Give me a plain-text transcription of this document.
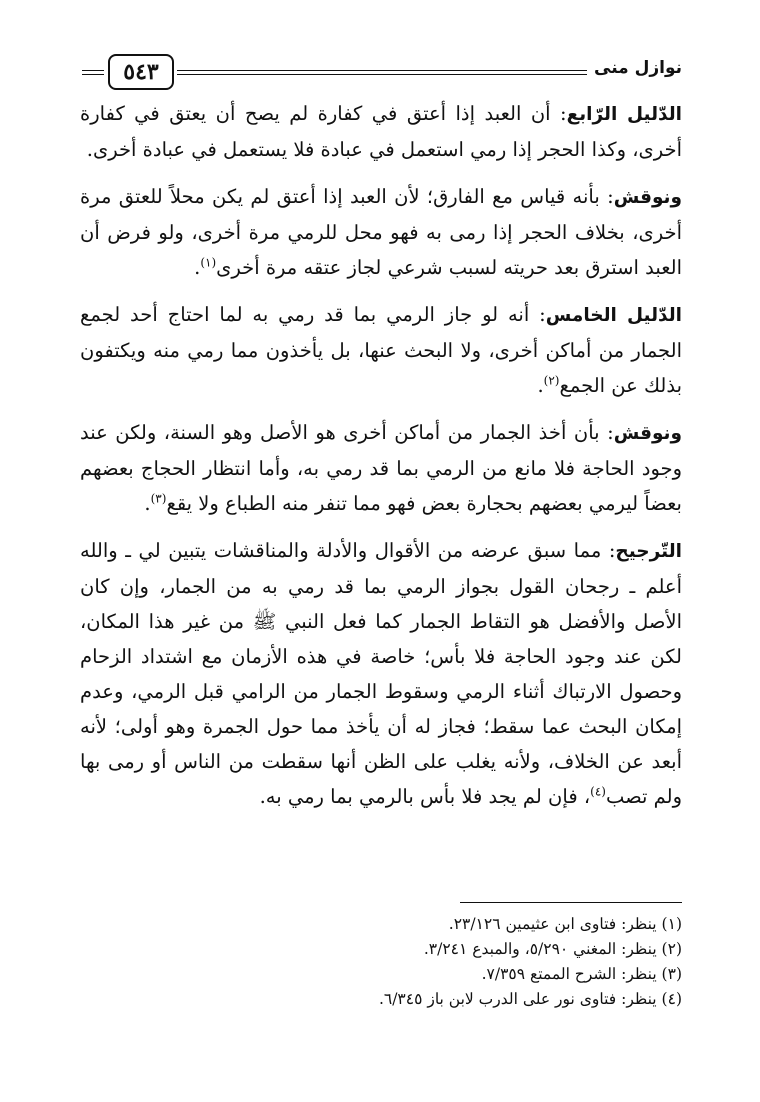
٥٤٣	نوازل منى

الدّليل الرّابع: أن العبد إذا أعتق في كفارة لم يصح أن يعتق في كفارة أخرى، وكذا الحجر إذا رمي استعمل في عبادة فلا يستعمل في عبادة أخرى.

ونوقش: بأنه قياس مع الفارق؛ لأن العبد إذا أعتق لم يكن محلاً للعتق مرة أخرى، بخلاف الحجر إذا رمى به فهو محل للرمي مرة أخرى، ولو فرض أن العبد استرق بعد حريته لسبب شرعي لجاز عتقه مرة أخرى$^{(١)}$.

الدّليل الخامس: أنه لو جاز الرمي بما قد رمي به لما احتاج أحد لجمع الجمار من أماكن أخرى، ولا البحث عنها، بل يأخذون مما رمي منه ويكتفون بذلك عن الجمع$^{(٢)}$.

ونوقش: بأن أخذ الجمار من أماكن أخرى هو الأصل وهو السنة، ولكن عند وجود الحاجة فلا مانع من الرمي بما قد رمي به، وأما انتظار الحجاج بعضهم بعضاً ليرمي بعضهم بحجارة بعض فهو مما تنفر منه الطباع ولا يقع$^{(٣)}$.

التّرجيح: مما سبق عرضه من الأقوال والأدلة والمناقشات يتبين لي ـ والله أعلم ـ رجحان القول بجواز الرمي بما قد رمي به من الجمار، وإن كان الأصل والأفضل هو التقاط الجمار كما فعل النبي ﷺ من غير هذا المكان، لكن عند وجود الحاجة فلا بأس؛ خاصة في هذه الأزمان مع اشتداد الزحام وحصول الارتباك أثناء الرمي وسقوط الجمار من الرامي قبل الرمي، وعدم إمكان البحث عما سقط؛ فجاز له أن يأخذ مما حول الجمرة وهو أولى؛ لأنه أبعد عن الخلاف، ولأنه يغلب على الظن أنها سقطت من الناس أو رمى بها ولم تصب$^{(٤)}$، فإن لم يجد فلا بأس بالرمي بما رمي به.

(١) ينظر: فتاوى ابن عثيمين ٢٣/١٢٦.

(٢) ينظر: المغني ٥/٢٩٠، والمبدع ٣/٢٤١.

(٣) ينظر: الشرح الممتع ٧/٣٥٩.

(٤) ينظر: فتاوى نور على الدرب لابن باز ٦/٣٤٥.
